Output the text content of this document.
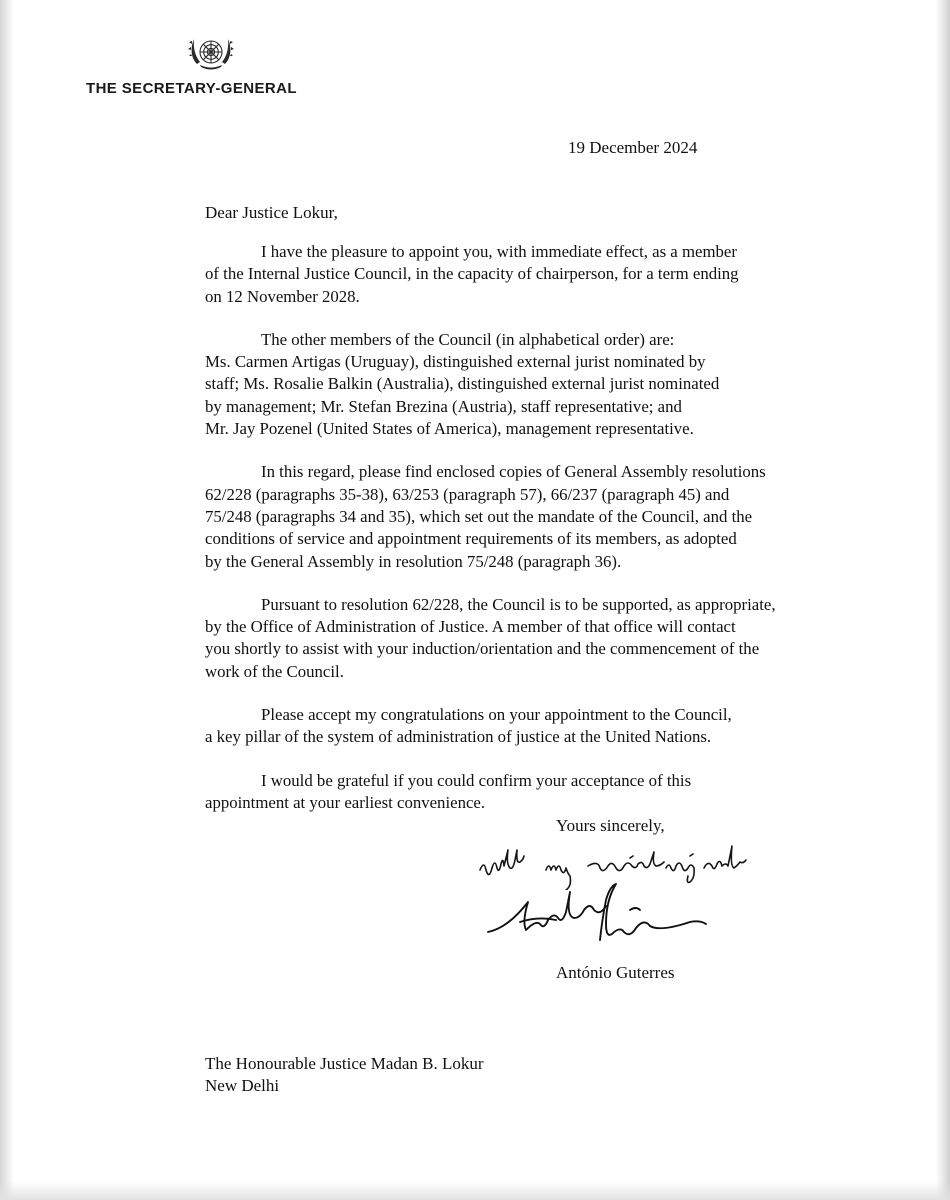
THE SECRETARY-GENERAL
19 December 2024
Dear Justice Lokur,

I have the pleasure to appoint you, with immediate effect, as a member
of the Internal Justice Council, in the capacity of chairperson, for a term ending
on 12 November 2028.

The other members of the Council (in alphabetical order) are:
Ms. Carmen Artigas (Uruguay), distinguished external jurist nominated by
staff; Ms. Rosalie Balkin (Australia), distinguished external jurist nominated
by management; Mr. Stefan Brezina (Austria), staff representative; and
Mr. Jay Pozenel (United States of America), management representative.

In this regard, please find enclosed copies of General Assembly resolutions
62/228 (paragraphs 35-38), 63/253 (paragraph 57), 66/237 (paragraph 45) and
75/248 (paragraphs 34 and 35), which set out the mandate of the Council, and the
conditions of service and appointment requirements of its members, as adopted
by the General Assembly in resolution 75/248 (paragraph 36).

Pursuant to resolution 62/228, the Council is to be supported, as appropriate,
by the Office of Administration of Justice. A member of that office will contact
you shortly to assist with your induction/orientation and the commencement of the
work of the Council.

Please accept my congratulations on your appointment to the Council,
a key pillar of the system of administration of justice at the United Nations.

I would be grateful if you could confirm your acceptance of this
appointment at your earliest convenience.

Yours sincerely,
António Guterres
The Honourable Justice Madan B. Lokur
New Delhi
